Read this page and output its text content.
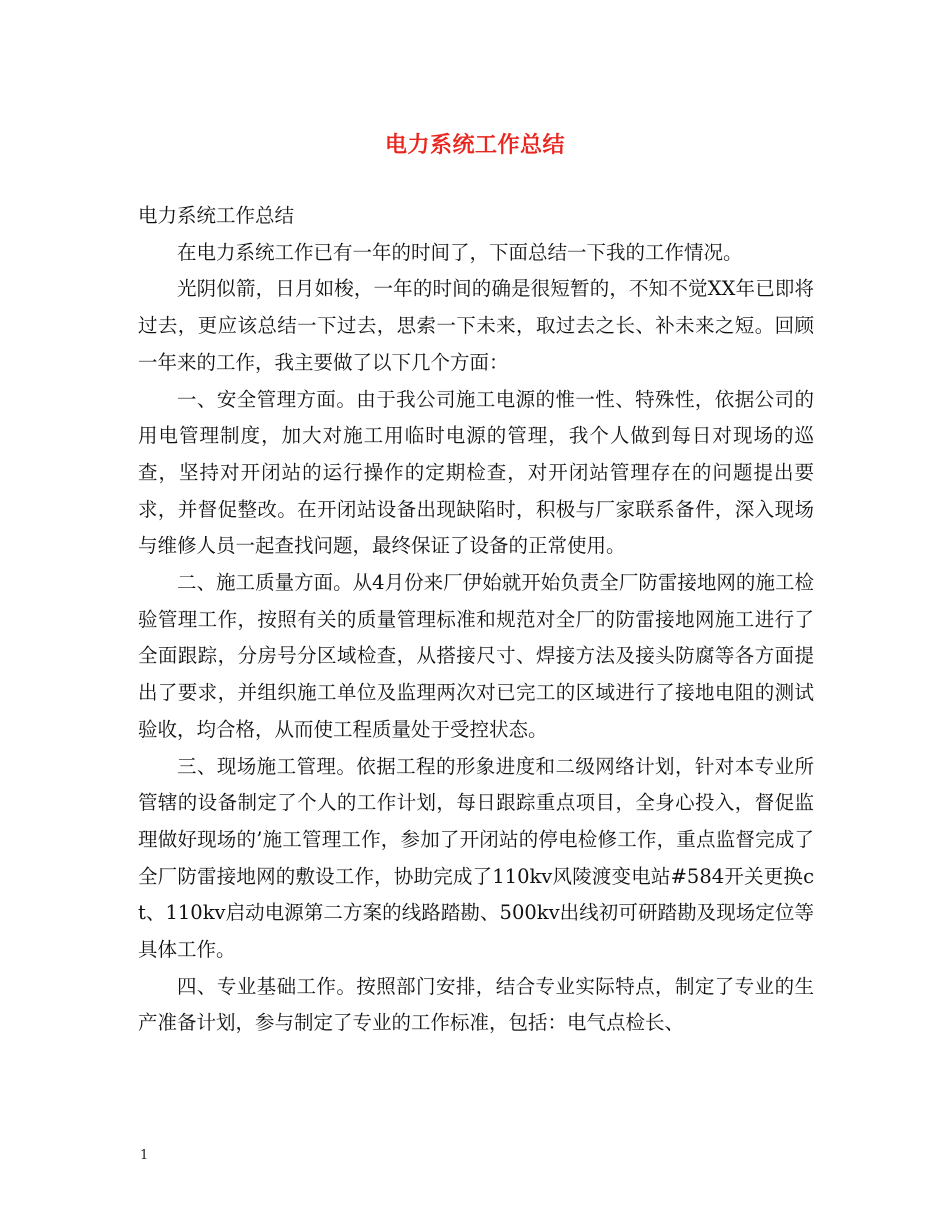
电力系统工作总结

电力系统工作总结

在电力系统工作已有一年的时间了，下面总结一下我的工作情况。

光阴似箭，日月如梭，一年的时间的确是很短暂的，不知不觉XX年已即将过去，更应该总结一下过去，思索一下未来，取过去之长、补未来之短。回顾一年来的工作，我主要做了以下几个方面：

一、安全管理方面。由于我公司施工电源的惟一性、特殊性，依据公司的用电管理制度，加大对施工用临时电源的管理，我个人做到每日对现场的巡查，坚持对开闭站的运行操作的定期检查，对开闭站管理存在的问题提出要求，并督促整改。在开闭站设备出现缺陷时，积极与厂家联系备件，深入现场与维修人员一起查找问题，最终保证了设备的正常使用。

二、施工质量方面。从4月份来厂伊始就开始负责全厂防雷接地网的施工检验管理工作，按照有关的质量管理标准和规范对全厂的防雷接地网施工进行了全面跟踪，分房号分区域检查，从搭接尺寸、焊接方法及接头防腐等各方面提出了要求，并组织施工单位及监理两次对已完工的区域进行了接地电阻的测试验收，均合格，从而使工程质量处于受控状态。

三、现场施工管理。依据工程的形象进度和二级网络计划，针对本专业所管辖的设备制定了个人的工作计划，每日跟踪重点项目，全身心投入，督促监理做好现场的’施工管理工作，参加了开闭站的停电检修工作，重点监督完成了全厂防雷接地网的敷设工作，协助完成了110kv风陵渡变电站#584开关更换ct、110kv启动电源第二方案的线路踏勘、500kv出线初可研踏勘及现场定位等具体工作。

四、专业基础工作。按照部门安排，结合专业实际特点，制定了专业的生产准备计划，参与制定了专业的工作标准，包括：电气点检长、

1
